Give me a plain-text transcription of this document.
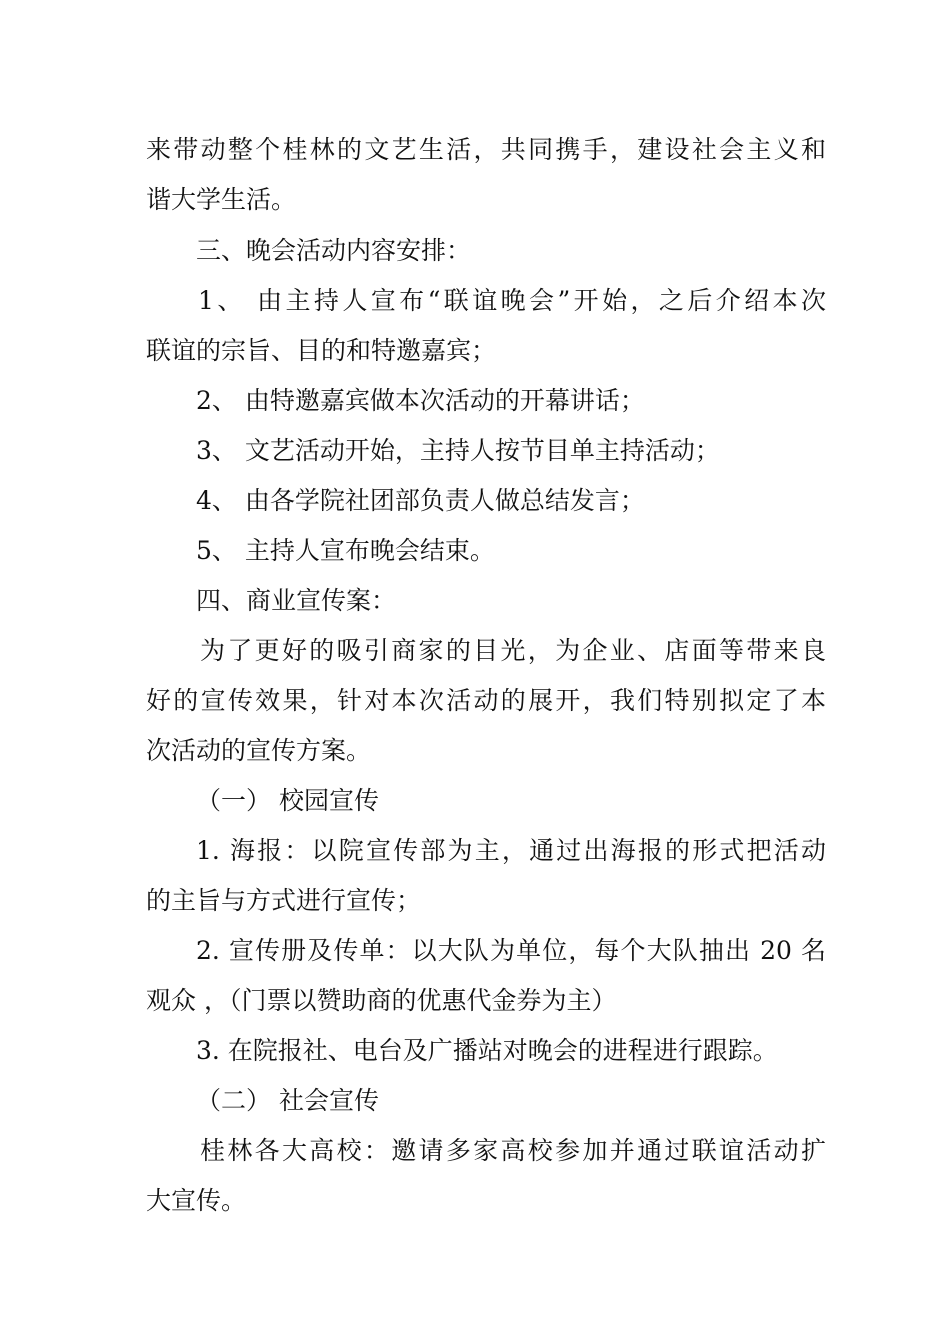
来带动整个桂林的文艺生活，共同携手，建设社会主义和
谐大学生活。
三、晚会活动内容安排：
1、 由主持人宣布“联谊晚会”开始，之后介绍本次
联谊的宗旨、目的和特邀嘉宾；
2、 由特邀嘉宾做本次活动的开幕讲话；
3、 文艺活动开始，主持人按节目单主持活动；
4、 由各学院社团部负责人做总结发言；
5、 主持人宣布晚会结束。
四、商业宣传案：
为了更好的吸引商家的目光，为企业、店面等带来良
好的宣传效果，针对本次活动的展开，我们特别拟定了本
次活动的宣传方案。
（一） 校园宣传
1. 海报：以院宣传部为主，通过出海报的形式把活动
的主旨与方式进行宣传；
2. 宣传册及传单：以大队为单位，每个大队抽出 20 名
观众 ，（门票以赞助商的优惠代金券为主）
3. 在院报社、电台及广播站对晚会的进程进行跟踪。
（二） 社会宣传
桂林各大高校：邀请多家高校参加并通过联谊活动扩
大宣传。
